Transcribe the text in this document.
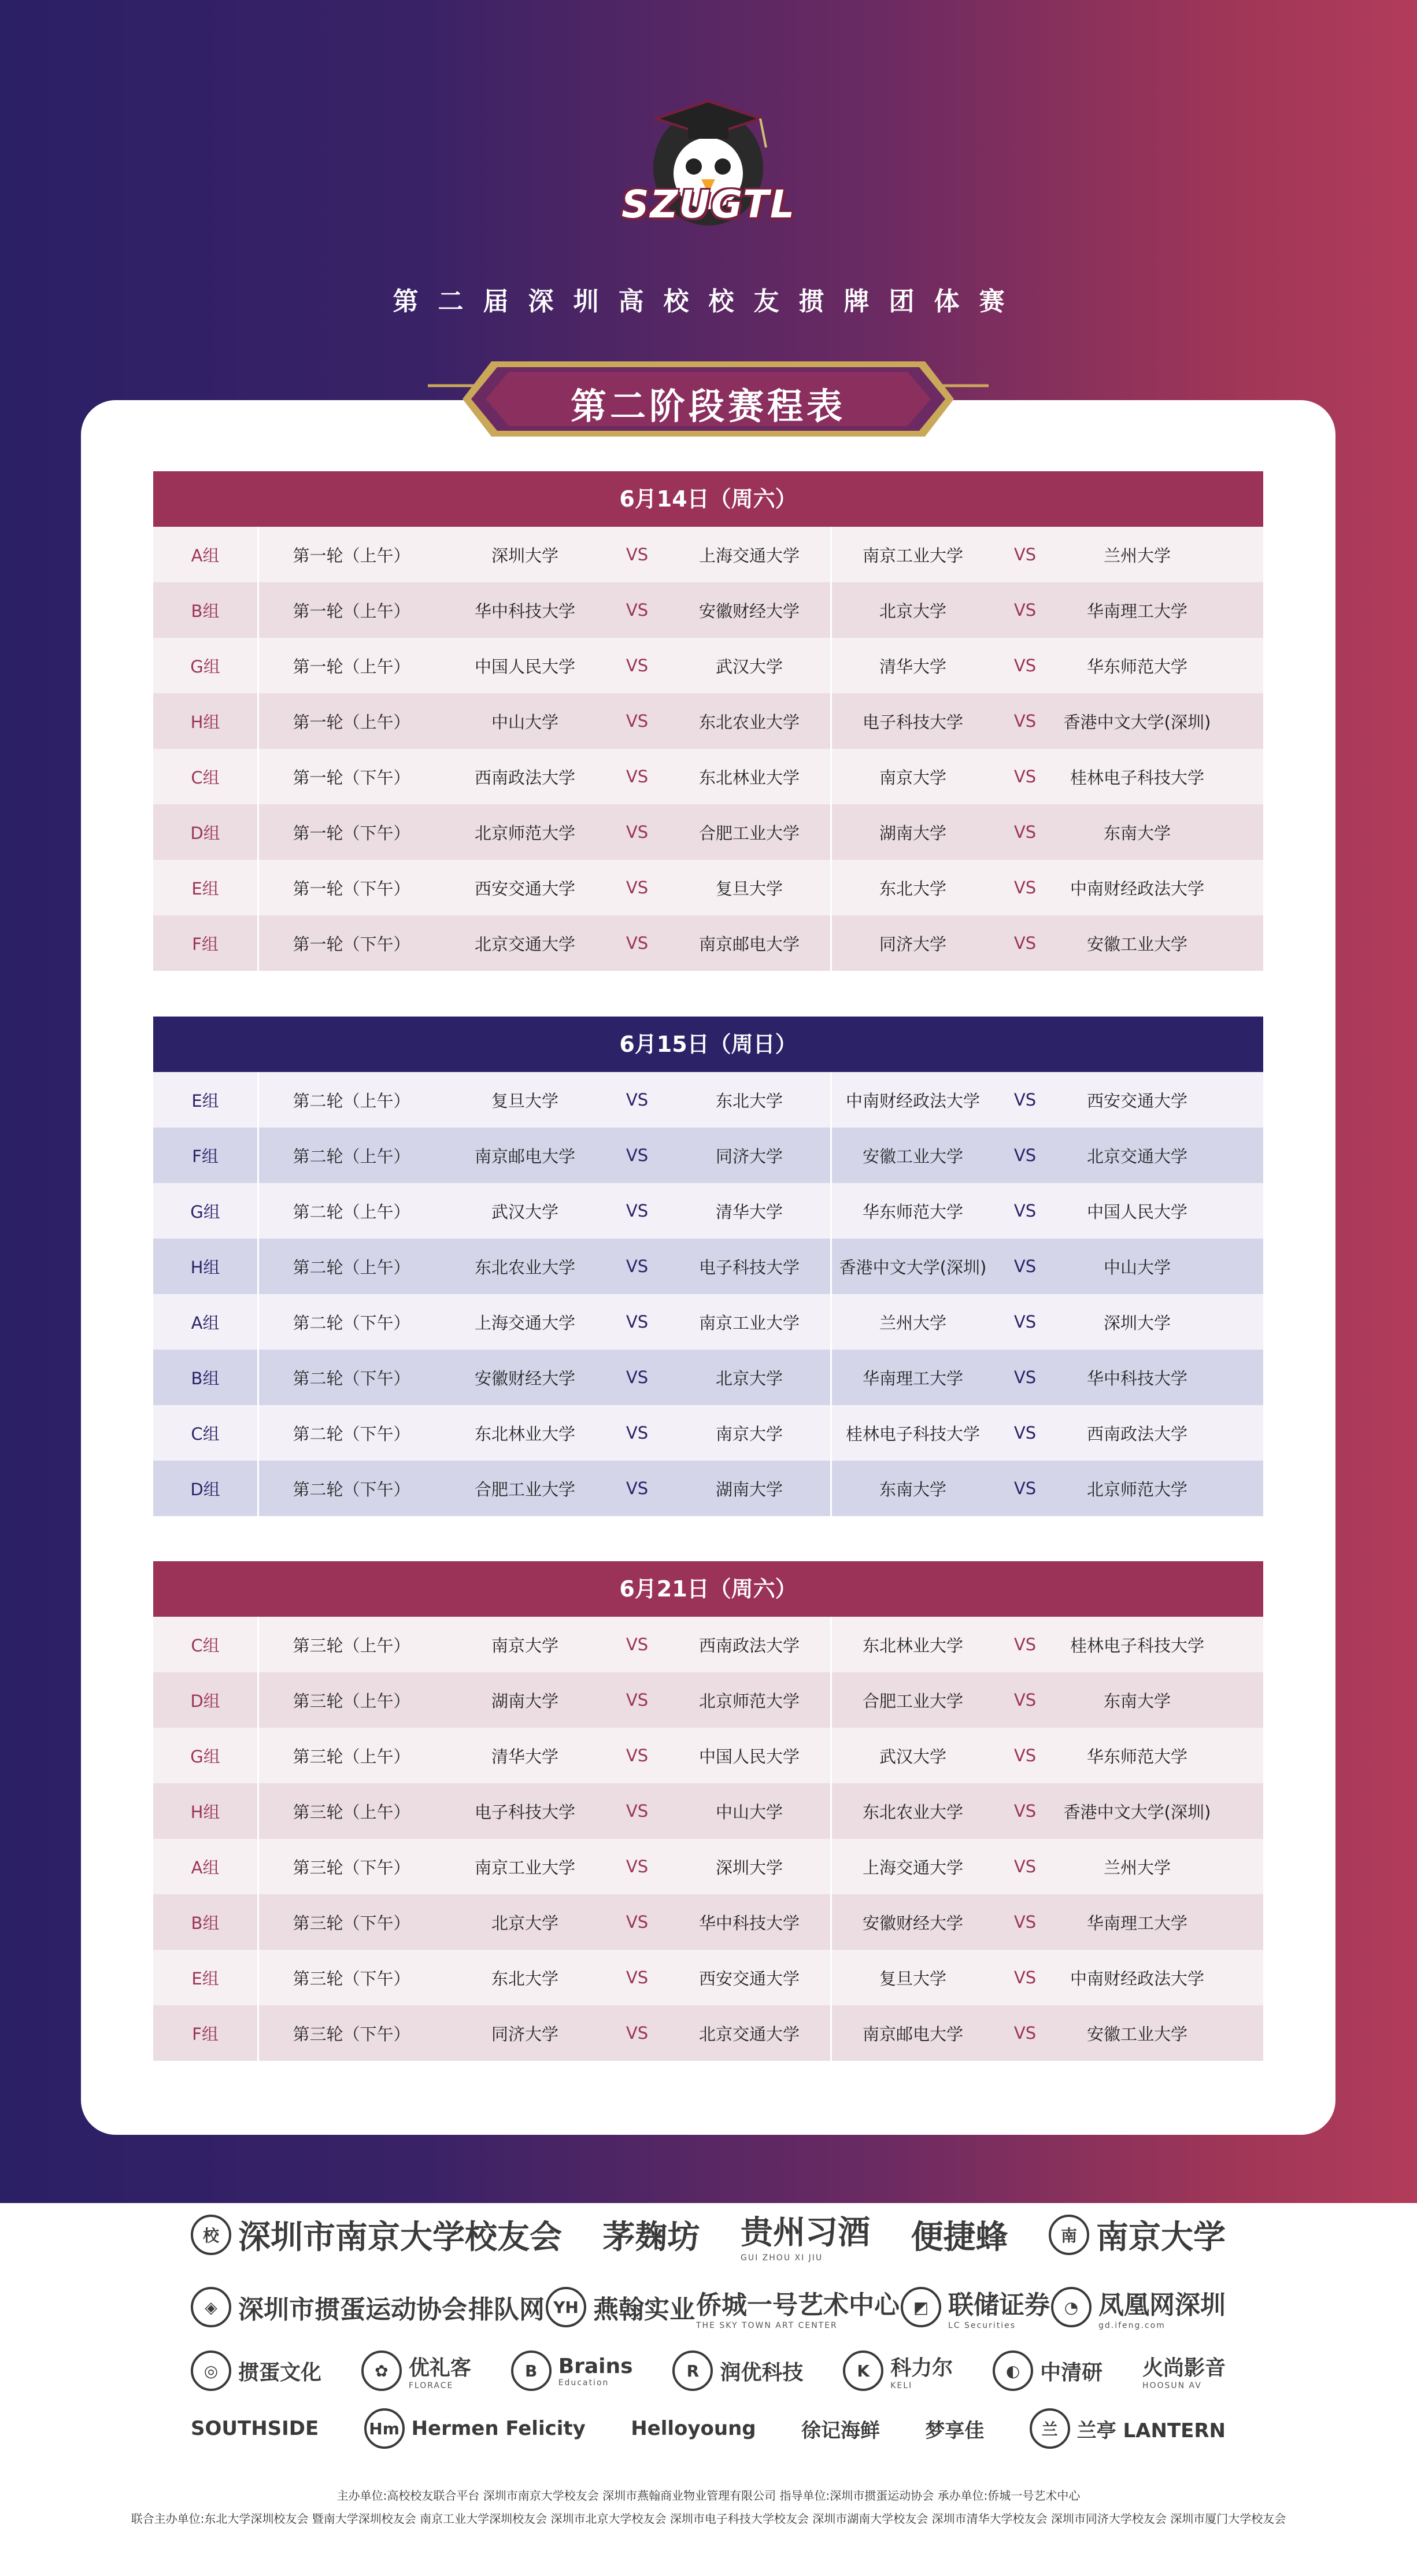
SZUGTL
第二届深圳高校校友掼牌团体赛
第二阶段赛程表
6月14日（周六）
A组	第一轮（上午）	深圳大学	VS	上海交通大学	南京工业大学	VS	兰州大学
B组	第一轮（上午）	华中科技大学	VS	安徽财经大学	北京大学	VS	华南理工大学
G组	第一轮（上午）	中国人民大学	VS	武汉大学	清华大学	VS	华东师范大学
H组	第一轮（上午）	中山大学	VS	东北农业大学	电子科技大学	VS	香港中文大学(深圳)
C组	第一轮（下午）	西南政法大学	VS	东北林业大学	南京大学	VS	桂林电子科技大学
D组	第一轮（下午）	北京师范大学	VS	合肥工业大学	湖南大学	VS	东南大学
E组	第一轮（下午）	西安交通大学	VS	复旦大学	东北大学	VS	中南财经政法大学
F组	第一轮（下午）	北京交通大学	VS	南京邮电大学	同济大学	VS	安徽工业大学
6月15日（周日）
E组	第二轮（上午）	复旦大学	VS	东北大学	中南财经政法大学	VS	西安交通大学
F组	第二轮（上午）	南京邮电大学	VS	同济大学	安徽工业大学	VS	北京交通大学
G组	第二轮（上午）	武汉大学	VS	清华大学	华东师范大学	VS	中国人民大学
H组	第二轮（上午）	东北农业大学	VS	电子科技大学	香港中文大学(深圳)	VS	中山大学
A组	第二轮（下午）	上海交通大学	VS	南京工业大学	兰州大学	VS	深圳大学
B组	第二轮（下午）	安徽财经大学	VS	北京大学	华南理工大学	VS	华中科技大学
C组	第二轮（下午）	东北林业大学	VS	南京大学	桂林电子科技大学	VS	西南政法大学
D组	第二轮（下午）	合肥工业大学	VS	湖南大学	东南大学	VS	北京师范大学
6月21日（周六）
C组	第三轮（上午）	南京大学	VS	西南政法大学	东北林业大学	VS	桂林电子科技大学
D组	第三轮（上午）	湖南大学	VS	北京师范大学	合肥工业大学	VS	东南大学
G组	第三轮（上午）	清华大学	VS	中国人民大学	武汉大学	VS	华东师范大学
H组	第三轮（上午）	电子科技大学	VS	中山大学	东北农业大学	VS	香港中文大学(深圳)
A组	第三轮（下午）	南京工业大学	VS	深圳大学	上海交通大学	VS	兰州大学
B组	第三轮（下午）	北京大学	VS	华中科技大学	安徽财经大学	VS	华南理工大学
E组	第三轮（下午）	东北大学	VS	西安交通大学	复旦大学	VS	中南财经政法大学
F组	第三轮（下午）	同济大学	VS	北京交通大学	南京邮电大学	VS	安徽工业大学
校 深圳市南京大学校友会 茅麹坊 贵州习酒
GUI ZHOU XI JIU
便捷蜂	南 南京大学
◈ 深圳市掼蛋运动协会 排队网 YH 燕翰实业 侨城一号艺术中心
THE SKY TOWN ART CENTER
◩ 联储证券
LC Securities
◔ 凤凰网深圳
gd.ifeng.com
◎ 掼蛋文化	✿ 优礼客
FLORACE
B	Brains
Education
R	润优科技	K	科力尔
KELI
◐ 中清研 火尚影音
HOOSUN AV
SOUTHSIDE	Hm Hermen Felicity Helloyoung 徐记海鲜 梦享佳	兰 兰亭 LANTERN
主办单位:高校校友联合平台 深圳市南京大学校友会 深圳市燕翰商业物业管理有限公司 指导单位:深圳市掼蛋运动协会 承办单位:侨城一号艺术中心
联合主办单位:东北大学深圳校友会 暨南大学深圳校友会 南京工业大学深圳校友会 深圳市北京大学校友会 深圳市电子科技大学校友会 深圳市湖南大学校友会 深圳市清华大学校友会 深圳市同济大学校友会 深圳市厦门大学校友会
